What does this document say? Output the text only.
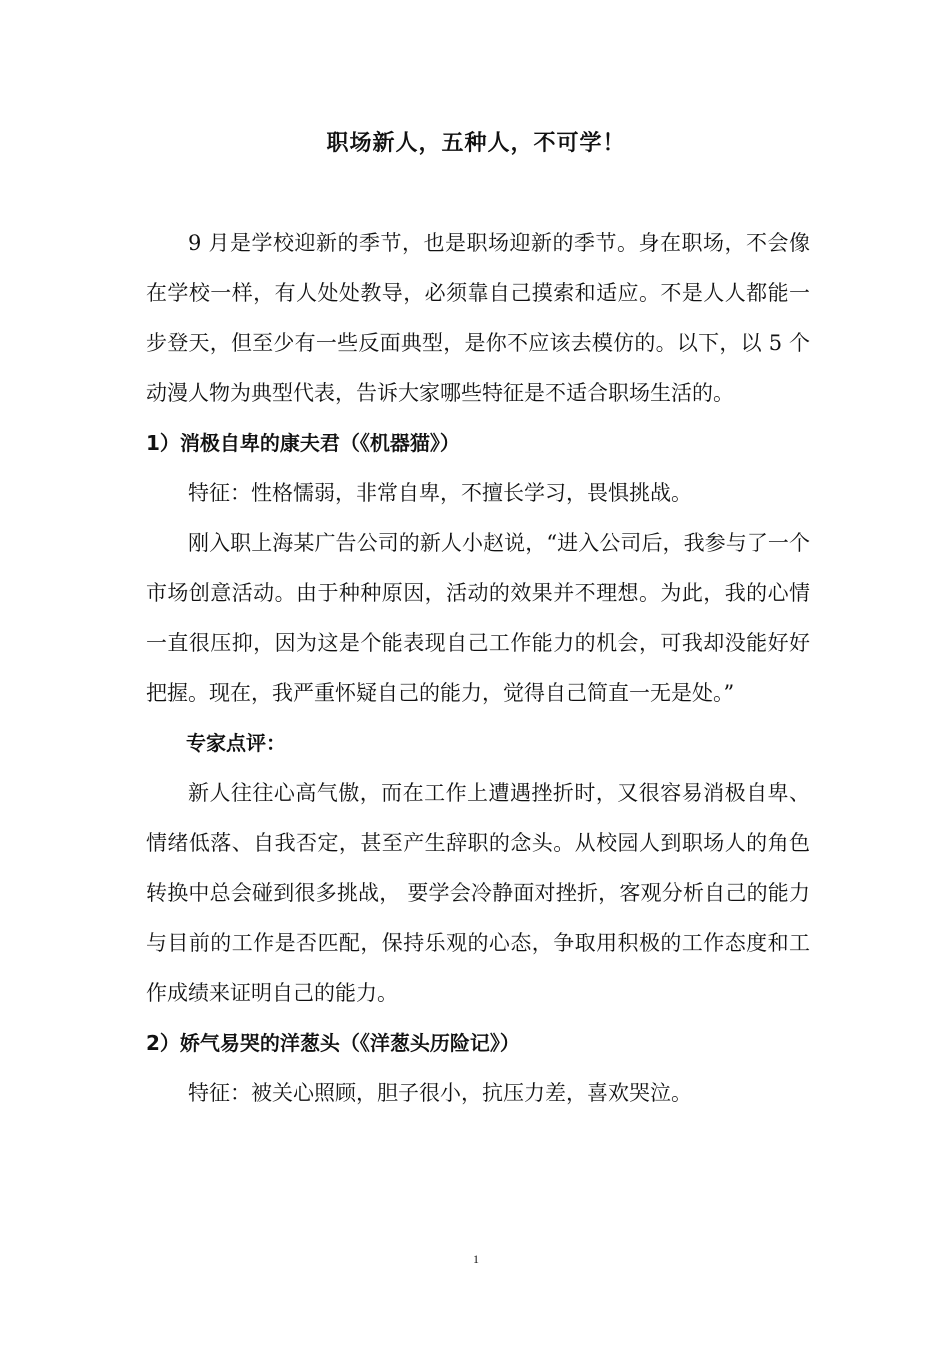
职场新人，五种人，不可学！

9 月是学校迎新的季节，也是职场迎新的季节。身在职场，不会像在学校一样，有人处处教导，必须靠自己摸索和适应。不是人人都能一步登天，但至少有一些反面典型，是你不应该去模仿的。以下，以 5 个动漫人物为典型代表，告诉大家哪些特征是不适合职场生活的。

1）消极自卑的康夫君（《机器猫》）

特征：性格懦弱，非常自卑，不擅长学习，畏惧挑战。

刚入职上海某广告公司的新人小赵说，“进入公司后，我参与了一个市场创意活动。由于种种原因，活动的效果并不理想。为此，我的心情一直很压抑，因为这是个能表现自己工作能力的机会，可我却没能好好把握。现在，我严重怀疑自己的能力，觉得自己简直一无是处。”

专家点评：

新人往往心高气傲，而在工作上遭遇挫折时，又很容易消极自卑、情绪低落、自我否定，甚至产生辞职的念头。从校园人到职场人的角色转换中总会碰到很多挑战， 要学会冷静面对挫折，客观分析自己的能力与目前的工作是否匹配，保持乐观的心态，争取用积极的工作态度和工作成绩来证明自己的能力。

2）娇气易哭的洋葱头（《洋葱头历险记》）

特征：被关心照顾，胆子很小，抗压力差，喜欢哭泣。

1
